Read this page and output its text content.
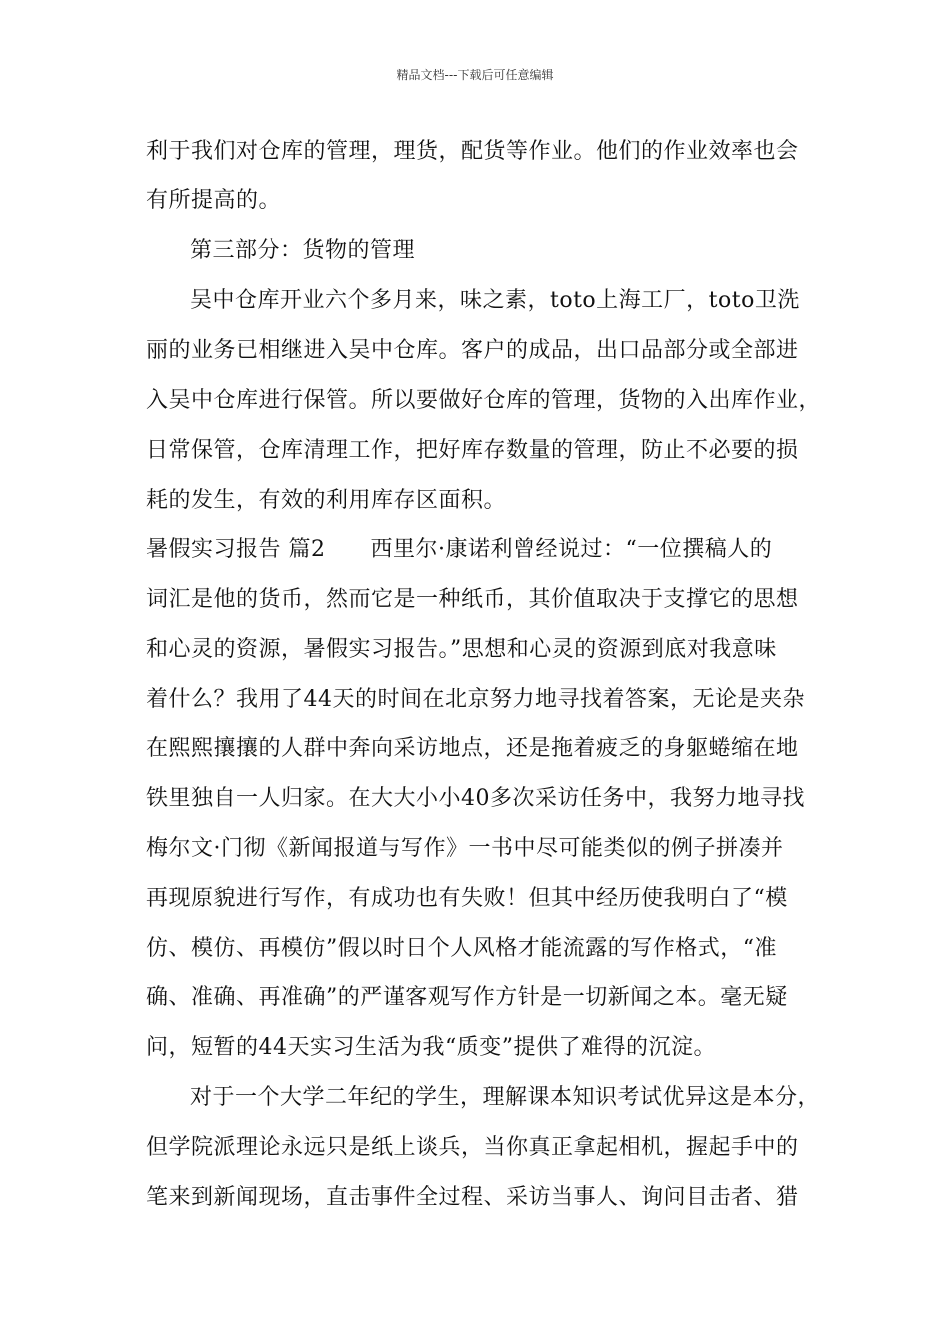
精品文档---下载后可任意编辑
利于我们对仓库的管理，理货，配货等作业。他们的作业效率也会
有所提高的。
第三部分：货物的管理
吴中仓库开业六个多月来，味之素，toto上海工厂，toto卫洗
丽的业务已相继进入吴中仓库。客户的成品，出口品部分或全部进
入吴中仓库进行保管。所以要做好仓库的管理，货物的入出库作业，
日常保管，仓库清理工作，把好库存数量的管理，防止不必要的损
耗的发生，有效的利用库存区面积。
暑假实习报告 篇2　　西里尔·康诺利曾经说过：“一位撰稿人的
词汇是他的货币，然而它是一种纸币，其价值取决于支撑它的思想
和心灵的资源，暑假实习报告。”思想和心灵的资源到底对我意味
着什么？我用了44天的时间在北京努力地寻找着答案，无论是夹杂
在熙熙攘攘的人群中奔向采访地点，还是拖着疲乏的身躯蜷缩在地
铁里独自一人归家。在大大小小40多次采访任务中，我努力地寻找
梅尔文·门彻《新闻报道与写作》一书中尽可能类似的例子拼凑并
再现原貌进行写作，有成功也有失败！但其中经历使我明白了“模
仿、模仿、再模仿”假以时日个人风格才能流露的写作格式，“准
确、准确、再准确”的严谨客观写作方针是一切新闻之本。毫无疑
问，短暂的44天实习生活为我“质变”提供了难得的沉淀。
对于一个大学二年纪的学生，理解课本知识考试优异这是本分，
但学院派理论永远只是纸上谈兵，当你真正拿起相机，握起手中的
笔来到新闻现场，直击事件全过程、采访当事人、询问目击者、猎
